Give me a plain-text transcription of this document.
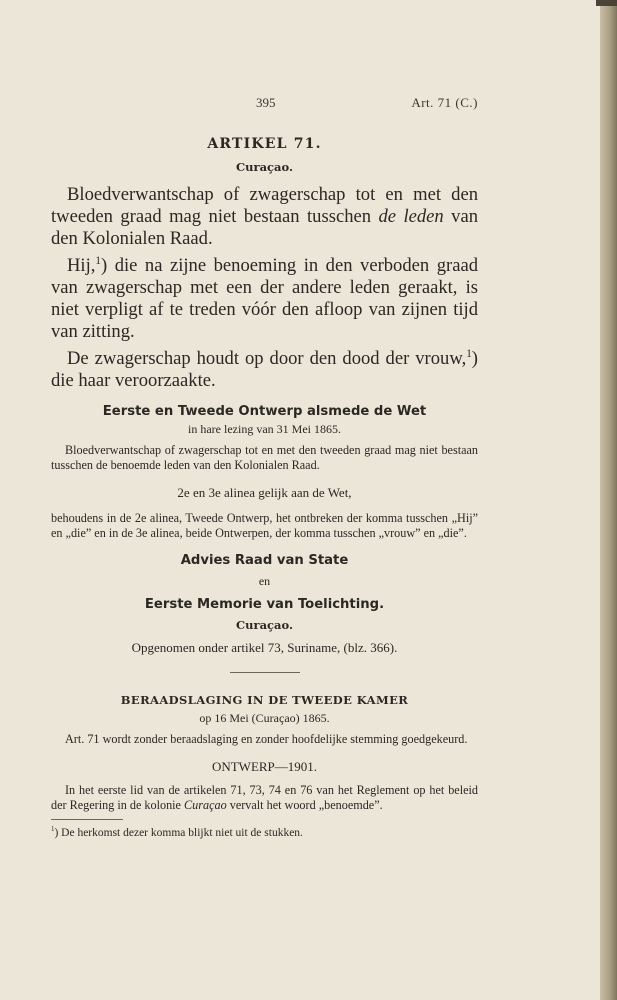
395	Art. 71 (C.)
ARTIKEL 71.
Curaçao.

Bloedverwantschap of zwagerschap tot en met den tweeden graad mag niet bestaan tusschen de leden van den Kolonialen Raad.

Hij,$^1$) die na zijne benoeming in den verboden graad van zwagerschap met een der andere leden geraakt, is niet verpligt af te treden vóór den afloop van zijnen tijd van zitting.

De zwagerschap houdt op door den dood der vrouw,$^1$) die haar veroorzaakte.

Eerste en Tweede Ontwerp alsmede de Wet
in hare lezing van 31 Mei 1865.

Bloedverwantschap of zwagerschap tot en met den tweeden graad mag niet bestaan tusschen de benoemde leden van den Kolonialen Raad.

2e en 3e alinea gelijk aan de Wet,

behoudens in de 2e alinea, Tweede Ontwerp, het ontbreken der komma tusschen „Hij” en „die” en in de 3e alinea, beide Ontwerpen, der komma tusschen „vrouw” en „die”.

Advies Raad van State
en
Eerste Memorie van Toelichting.
Curaçao.
Opgenomen onder artikel 73, Suriname, (blz. 366).
BERAADSLAGING IN DE TWEEDE KAMER
op 16 Mei (Curaçao) 1865.

Art. 71 wordt zonder beraadslaging en zonder hoofdelijke stemming goedgekeurd.

ONTWERP—1901.

In het eerste lid van de artikelen 71, 73, 74 en 76 van het Reglement op het beleid der Regering in de kolonie Curaçao vervalt het woord „benoemde”.

$^1$) De herkomst dezer komma blijkt niet uit de stukken.
